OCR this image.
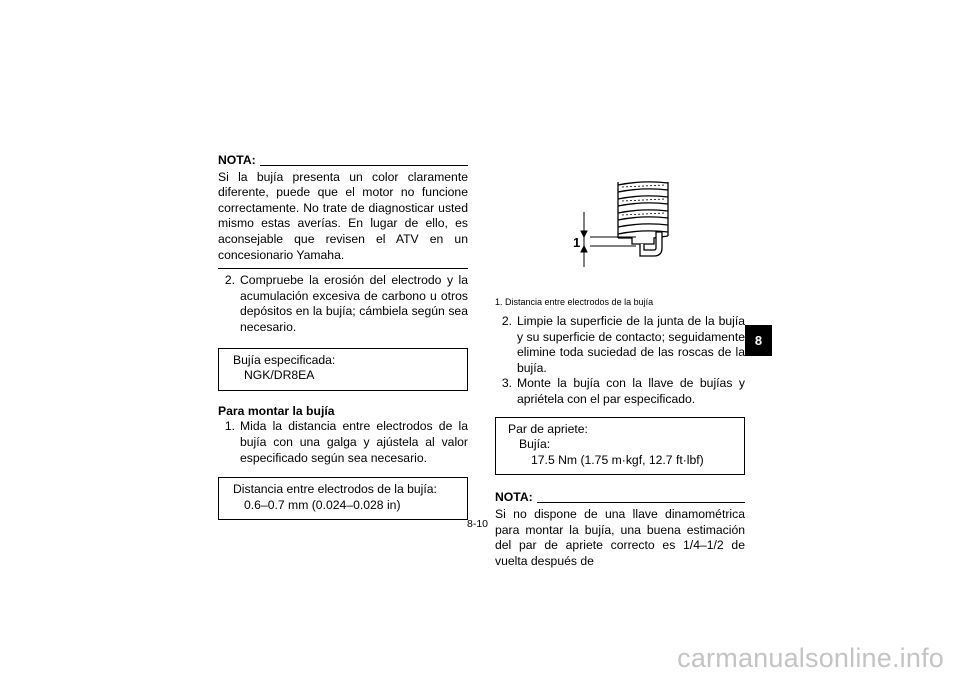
NOTA:
Si la bujía presenta un color claramente diferente, puede que el motor no funcione correctamente. No trate de diagnosticar usted mismo estas averías. En lugar de ello, es aconsejable que revisen el ATV en un concesionario Yamaha.
2. Compruebe la erosión del electrodo y la acumulación excesiva de carbono u otros depósitos en la bujía; cámbiela según sea necesario.
Bujía especificada:
NGK/DR8EA
Para montar la bujía
1. Mida la distancia entre electrodos de la bujía con una galga y ajústela al valor especificado según sea necesario.
Distancia entre electrodos de la bujía:
0.6–0.7 mm (0.024–0.028 in)
1
1. Distancia entre electrodos de la bujía
2. Limpie la superficie de la junta de la bujía y su superficie de contacto; seguidamente elimine toda suciedad de las roscas de la bujía.
3. Monte la bujía con la llave de bujías y apriétela con el par especificado.
Par de apriete:
Bujía:
17.5 Nm (1.75 m·kgf, 12.7 ft·lbf)
NOTA:
Si no dispone de una llave dinamométrica para montar la bujía, una buena estimación del par de apriete correcto es 1/4–1/2 de vuelta después de
8-10
8
carmanualsonline.info
